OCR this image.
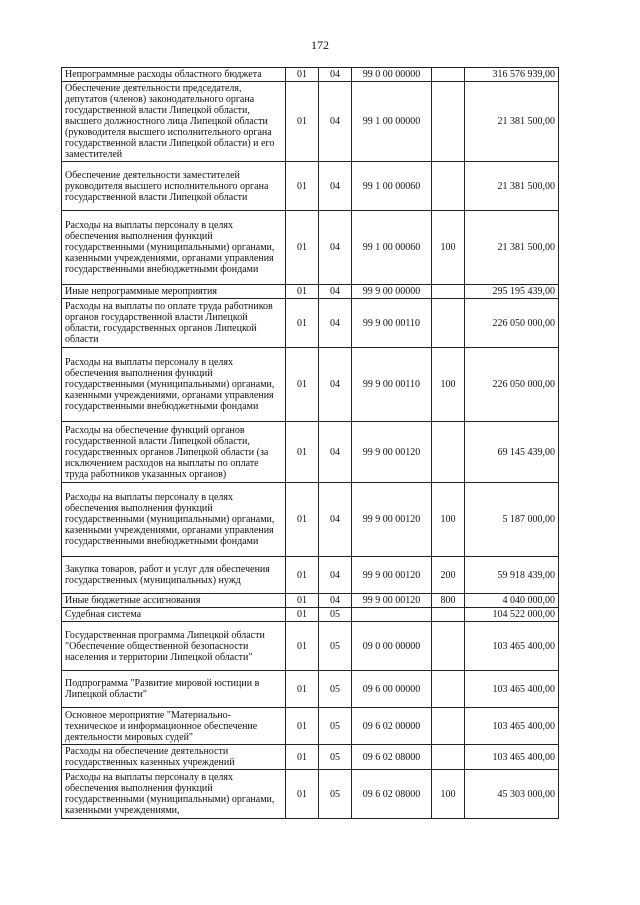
172
Непрограммные расходы областного бюджета	01	04	99 0 00 00000		316 576 939,00
Обеспечение деятельности председателя, депутатов (членов) законодательного органа государственной власти Липецкой области, высшего должностного лица Липецкой области (руководителя высшего исполнительного органа государственной власти Липецкой области) и его заместителей	01	04	99 1 00 00000		21 381 500,00
Обеспечение деятельности заместителей руководителя высшего исполнительного органа государственной власти Липецкой области	01	04	99 1 00 00060		21 381 500,00
Расходы на выплаты персоналу в целях обеспечения выполнения функций государственными (муниципальными) органами, казенными учреждениями, органами управления государственными внебюджетными фондами	01	04	99 1 00 00060	100	21 381 500,00
Иные непрограммные мероприятия	01	04	99 9 00 00000		295 195 439,00
Расходы на выплаты по оплате труда работников органов государственной власти Липецкой области, государственных органов Липецкой области	01	04	99 9 00 00110		226 050 000,00
Расходы на выплаты персоналу в целях обеспечения выполнения функций государственными (муниципальными) органами, казенными учреждениями, органами управления государственными внебюджетными фондами	01	04	99 9 00 00110	100	226 050 000,00
Расходы на обеспечение функций органов государственной власти Липецкой области, государственных органов Липецкой области (за исключением расходов на выплаты по оплате труда работников указанных органов)	01	04	99 9 00 00120		69 145 439,00
Расходы на выплаты персоналу в целях обеспечения выполнения функций государственными (муниципальными) органами, казенными учреждениями, органами управления государственными внебюджетными фондами	01	04	99 9 00 00120	100	5 187 000,00
Закупка товаров, работ и услуг для обеспечения государственных (муниципальных) нужд	01	04	99 9 00 00120	200	59 918 439,00
Иные бюджетные ассигнования	01	04	99 9 00 00120	800	4 040 000,00
Судебная система	01	05			104 522 000,00
Государственная программа Липецкой области "Обеспечение общественной безопасности населения и территории Липецкой области"	01	05	09 0 00 00000		103 465 400,00
Подпрограмма "Развитие мировой юстиции в Липецкой области"	01	05	09 6 00 00000		103 465 400,00
Основное мероприятие "Материально-техническое и информационное обеспечение деятельности мировых судей"	01	05	09 6 02 00000		103 465 400,00
Расходы на обеспечение деятельности государственных казенных учреждений	01	05	09 6 02 08000		103 465 400,00
Расходы на выплаты персоналу в целях обеспечения выполнения функций государственными (муниципальными) органами, казенными учреждениями,	01	05	09 6 02 08000	100	45 303 000,00
